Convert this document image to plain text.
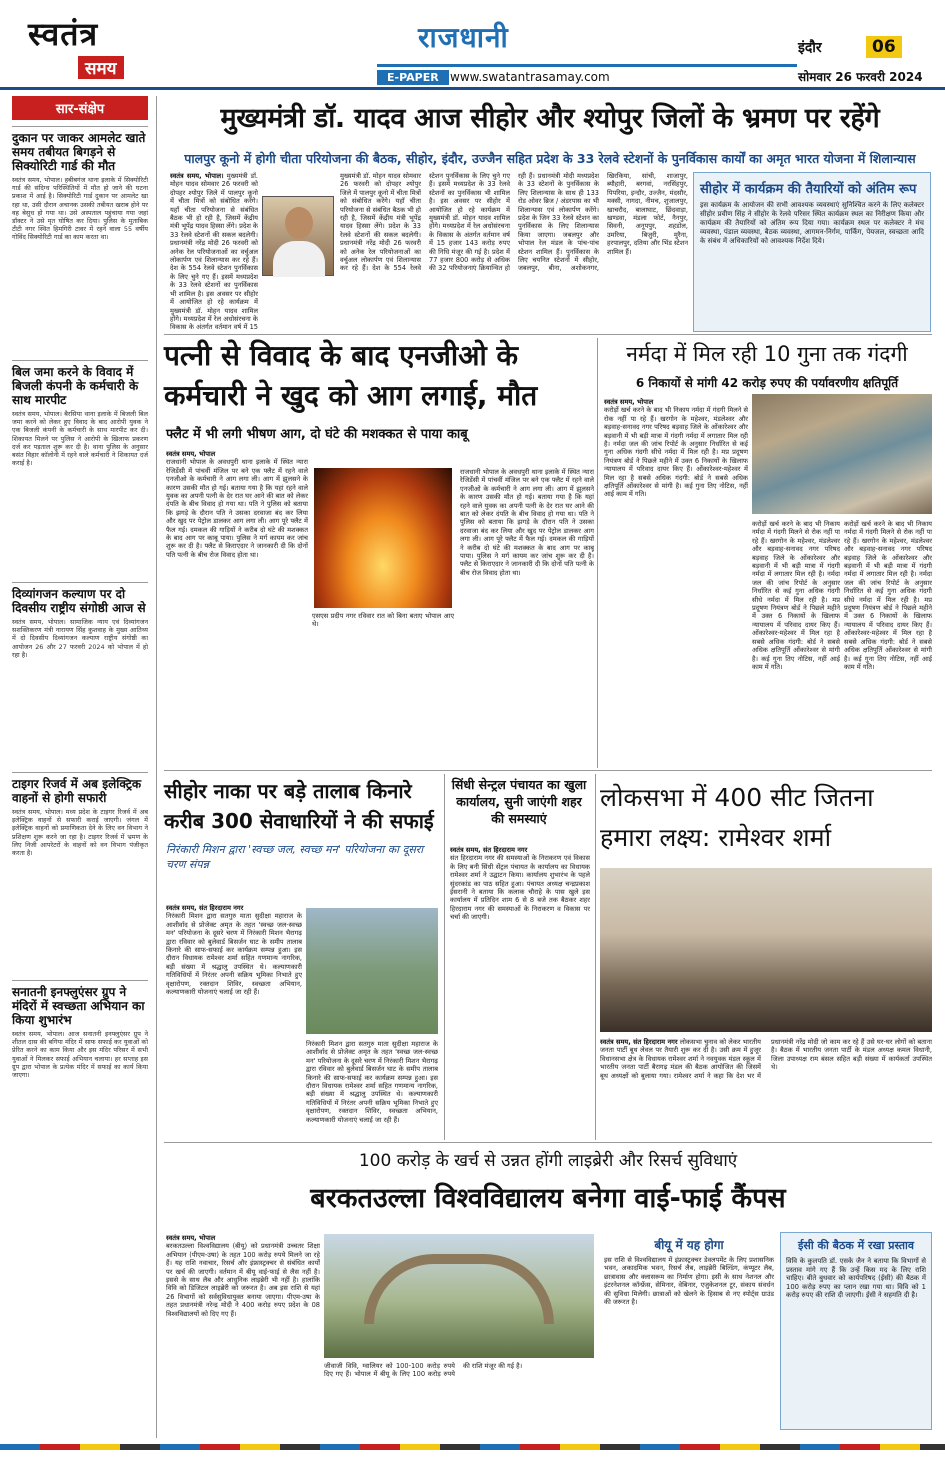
स्वतंत्र
समय
राजधानी
E-PAPER www.swatantrasamay.com
इंदौर	06
सोमवार 26 फरवरी 2024
सार-संक्षेप
दुकान पर जाकर आमलेट खाते समय तबीयत बिगड़ने से सिक्योरिटी गार्ड की मौत
स्वतंत्र समय, भोपाल। हबीबगंज थाना इलाके में सिक्योरिटी गार्ड की संदिग्ध परिस्थितियों में मौत हो जाने की घटना प्रकाश में आई है। सिक्योरिटी गार्ड दुकान पर आमलेट खा रहा था, उसी दौरान अचानक उसकी तबीयत खराब होने पर वह बेसुध हो गया था। उसे अस्पताल पहुंचाया गया जहां डॉक्टर ने उसे मृत घोषित कर दिया। पुलिस के मुताबिक टीटी नगर स्थित हिमगिरी टावर में रहने वाला 55 वर्षीय गोविंद सिक्योरिटी गार्ड का काम करता था।
बिल जमा करने के विवाद में बिजली कंपनी के कर्मचारी के साथ मारपीट
स्वतंत्र समय, भोपाल। बैरसिया थाना इलाके में बिजली बिल जमा करने को लेकर हुए विवाद के बाद आरोपी युवक ने एक बिजली कंपनी के कर्मचारी के साथ मारपीट कर दी। शिकायत मिलने पर पुलिस ने आरोपी के खिलाफ प्रकरण दर्ज कर पड़ताल शुरू कर दी है। थाना पुलिस के अनुसार बसंत विहार कॉलोनी में रहने वाले कर्मचारी ने शिकायत दर्ज कराई है।
दिव्यांगजन कल्याण पर दो दिवसीय राष्ट्रीय संगोष्ठी आज से
स्वतंत्र समय, भोपाल। सामाजिक न्याय एवं दिव्यांगजन सशक्तिकरण मंत्री नारायण सिंह कुशवाह के मुख्य आतिथ्य में दो दिवसीय दिव्यांगजन कल्याण राष्ट्रीय संगोष्ठी का आयोजन 26 और 27 फरवरी 2024 को भोपाल में हो रहा है।
टाइगर रिजर्व में अब इलेक्ट्रिक वाहनों से होगी सफारी
स्वतंत्र समय, भोपाल। मध्य प्रदेश के टाइगर रिजर्व में अब इलेक्ट्रिक वाहनों से सफारी कराई जाएगी। जंगल में इलेक्ट्रिक वाहनों को प्रमाणिकता देने के लिए वन विभाग ने प्रशिक्षण शुरू करने जा रहा है। टाइगर रिजर्व में भ्रमण के लिए निजी आपरेटरों के वाहनों को वन विभाग पंजीकृत करता है।
सनातनी इनफ्लुएंसर ग्रुप ने मंदिरों में स्वच्छता अभियान का किया शुभारंभ
स्वतंत्र समय, भोपाल। आज सनातनी इनफ्लुएंसर ग्रुप ने शीतल दास की बगिया मंदिर में साफ सफाई कर युवाओं को प्रेरित करने का काम किया और इस मंदिर परिसर में सभी युवाओं ने मिलकर सफाई अभियान चलाया। हर सप्ताह इस ग्रुप द्वारा भोपाल के प्रत्येक मंदिर में सफाई का कार्य किया जाएगा।
मुख्यमंत्री डॉ. यादव आज सीहोर और श्योपुर जिलों के भ्रमण पर रहेंगे
पालपुर कूनो में होगी चीता परियोजना की बैठक, सीहोर, इंदौर, उज्जैन सहित प्रदेश के 33 रेलवे स्टेशनों के पुनर्विकास कार्यों का अमृत भारत योजना में शिलान्यास
स्वतंत्र समय, भोपाल। मुख्यमंत्री डॉ. मोहन यादव सोमवार 26 फरवरी को दोपहर श्योपुर जिले में पालपुर कूनो में चीता मित्रों को संबोधित करेंगे। यहाँ चीता परियोजना से संबंधित बैठक भी हो रही है, जिसमें केंद्रीय मंत्री भूपेंद्र यादव हिस्सा लेंगे। प्रदेश के 33 रेलवे स्टेशनों की सकल बदलेगी। प्रधानमंत्री नरेंद्र मोदी 26 फरवरी को अनेक रेल परियोजनाओं का वर्चुअल लोकार्पण एवं शिलान्यास कर रहे हैं। देश के 554 रेलवे स्टेशन पुनर्विकास के लिए चुने गए हैं। इसमें मध्यप्रदेश के 33 रेलवे स्टेशनों का पुनर्विकास भी शामिल है। इस अवसर पर सीहोर में आयोजित हो रहे कार्यक्रम में मुख्यमंत्री डॉ. मोहन यादव शामिल होंगे। मध्यप्रदेश में रेल अधोसंरचना के विकास के अंतर्गत वर्तमान वर्ष में 15
मुख्यमंत्री डॉ. मोहन यादव सोमवार 26 फरवरी को दोपहर श्योपुर जिले में पालपुर कूनो में चीता मित्रों को संबोधित करेंगे। यहाँ चीता परियोजना से संबंधित बैठक भी हो रही है, जिसमें केंद्रीय मंत्री भूपेंद्र यादव हिस्सा लेंगे। प्रदेश के 33 रेलवे स्टेशनों की सकल बदलेगी। प्रधानमंत्री नरेंद्र मोदी 26 फरवरी को अनेक रेल परियोजनाओं का वर्चुअल लोकार्पण एवं शिलान्यास कर रहे हैं। देश के 554 रेलवे स्टेशन पुनर्विकास के लिए चुने गए हैं। इसमें मध्यप्रदेश के 33 रेलवे स्टेशनों का पुनर्विकास भी शामिल है। इस अवसर पर सीहोर में आयोजित हो रहे कार्यक्रम में मुख्यमंत्री डॉ. मोहन यादव शामिल होंगे। मध्यप्रदेश में रेल अधोसंरचना के विकास के अंतर्गत वर्तमान वर्ष में 15 हजार 143 करोड़ रुपए की निधि मंजूर की गई है। प्रदेश में 77 हजार 800 करोड़ से अधिक की 32 परियोजनाएं क्रियान्वित हो रही हैं। प्रधानमंत्री मोदी मध्यप्रदेश के 33 स्टेशनों के पुनर्विकास के लिए शिलान्यास के साथ ही 133 रोड ओवर ब्रिज / अंडरपास का भी शिलान्यास एवं लोकार्पण करेंगे। प्रदेश के जिन 33 रेलवे स्टेशन का पुनर्विकास के लिए शिलान्यास किया जाएगा। जबलपुर और भोपाल रेल मंडल के पांच-पांच स्टेशन शामिल हैं। पुनर्विकास के लिए चयनित स्टेशनों में सीहोर, जबलपुर, बीना, अशोकनगर, खिरकिया, सांची, शाजापुर, ब्यौहारी, बरगवां, नरसिंहपुर, पिपरिया, इन्दौर, उज्जैन, मंदसौर, मक्सी, नागदा, नीमच, शुजालपुर, खाचरौद, बालाघाट, छिंदवाड़ा, खण्डवा, मंडला फोर्ट, नैनपुर, सिवनी, अनूपपुर, शहडोल, उमरिया, बिजुरी, मुरैना, हरपालपुर, दतिया और भिंड स्टेशन शामिल हैं।
सीहोर में कार्यक्रम की तैयारियों को अंतिम रूप
इस कार्यक्रम के आयोजन की सभी आवश्यक व्यवस्थाएं सुनिश्चित करने के लिए कलेक्टर सीहोर प्रवीण सिंह ने सीहोर के रेलवे परिसर स्थित कार्यक्रम स्थल का निरीक्षण किया और कार्यक्रम की तैयारियों को अंतिम रूप दिया गया। कार्यक्रम स्थल पर कलेक्टर ने मंच व्यवस्था, पंडाल व्यवस्था, बैठक व्यवस्था, आगमन-निर्गम, पार्किंग, पेयजल, स्वच्छता आदि के संबंध में अधिकारियों को आवश्यक निर्देश दिये।
पत्नी से विवाद के बाद एनजीओ के कर्मचारी ने खुद को आग लगाई, मौत
फ्लैट में भी लगी भीषण आग, दो घंटे की मशक्कत से पाया काबू
स्वतंत्र समय, भोपाल
राजधानी भोपाल के अवधपुरी थाना इलाके में स्थित न्यारा रेजिडेंसी में पांचवीं मंजिल पर बने एक फ्लैट में रहने वाले एनजीओ के कर्मचारी ने आग लगा ली। आग में झुलसने के कारण उसकी मौत हो गई। बताया गया है कि यहां रहने वाले युवक का अपनी पत्नी के देर रात घर आने की बात को लेकर दंपति के बीच विवाद हो गया था। पति ने पुलिस को बताया कि झगड़े के दौरान पति ने उसका दरवाजा बंद कर लिया और खुद पर पेट्रोल डालकर आग लगा ली। आग पूरे फ्लैट में फैल गई। दमकल की गाड़ियों ने करीब दो घंटे की मशक्कत के बाद आग पर काबू पाया। पुलिस ने मर्ग कायम कर जांच शुरू कर दी है। फ्लैट से किराएदार ने जानकारी दी कि दोनों पति पत्नी के बीच रोज विवाद होता था।
एसएस प्रदीप नगर रविवार रात को बिना बताए भोपाल आए थे।
राजधानी भोपाल के अवधपुरी थाना इलाके में स्थित न्यारा रेजिडेंसी में पांचवीं मंजिल पर बने एक फ्लैट में रहने वाले एनजीओ के कर्मचारी ने आग लगा ली। आग में झुलसने के कारण उसकी मौत हो गई। बताया गया है कि यहां रहने वाले युवक का अपनी पत्नी के देर रात घर आने की बात को लेकर दंपति के बीच विवाद हो गया था। पति ने पुलिस को बताया कि झगड़े के दौरान पति ने उसका दरवाजा बंद कर लिया और खुद पर पेट्रोल डालकर आग लगा ली। आग पूरे फ्लैट में फैल गई। दमकल की गाड़ियों ने करीब दो घंटे की मशक्कत के बाद आग पर काबू पाया। पुलिस ने मर्ग कायम कर जांच शुरू कर दी है। फ्लैट से किराएदार ने जानकारी दी कि दोनों पति पत्नी के बीच रोज विवाद होता था।
नर्मदा में मिल रही 10 गुना तक गंदगी
6 निकायों से मांगी 42 करोड़ रुपए की पर्यावरणीय क्षतिपूर्ति
स्वतंत्र समय, भोपाल
करोड़ों खर्च करने के बाद भी निकाय नर्मदा में गंदगी मिलने से रोक नहीं पा रहे हैं। खरगोन के महेश्वर, मंडलेश्वर और बड़वाह-सनावद नगर परिषद बड़वाह जिले के ओंकारेश्वर और बड़वानी में भी बड़ी मात्रा में गंदगी नर्मदा में लगातार मिल रही है। नर्मदा जल की जांच रिपोर्ट के अनुसार निर्धारित से कई गुना अधिक गंदगी सीधे नर्मदा में मिल रही है। मप्र प्रदूषण नियंत्रण बोर्ड ने पिछले महीने में उक्त 6 निकायों के खिलाफ न्यायालय में परिवाद दायर किए हैं। ओंकारेश्वर-महेश्वर में मिल रहा है सबसे अधिक गंदगी: बोर्ड ने सबसे अधिक क्षतिपूर्ति ओंकारेश्वर से मांगी है। कई गुना तिए नोटिस, नहीं आई काम में गति।
करोड़ों खर्च करने के बाद भी निकाय नर्मदा में गंदगी मिलने से रोक नहीं पा रहे हैं। खरगोन के महेश्वर, मंडलेश्वर और बड़वाह-सनावद नगर परिषद बड़वाह जिले के ओंकारेश्वर और बड़वानी में भी बड़ी मात्रा में गंदगी नर्मदा में लगातार मिल रही है। नर्मदा जल की जांच रिपोर्ट के अनुसार निर्धारित से कई गुना अधिक गंदगी सीधे नर्मदा में मिल रही है। मप्र प्रदूषण नियंत्रण बोर्ड ने पिछले महीने में उक्त 6 निकायों के खिलाफ न्यायालय में परिवाद दायर किए हैं। ओंकारेश्वर-महेश्वर में मिल रहा है सबसे अधिक गंदगी: बोर्ड ने सबसे अधिक क्षतिपूर्ति ओंकारेश्वर से मांगी है। कई गुना तिए नोटिस, नहीं आई काम में गति।
करोड़ों खर्च करने के बाद भी निकाय नर्मदा में गंदगी मिलने से रोक नहीं पा रहे हैं। खरगोन के महेश्वर, मंडलेश्वर और बड़वाह-सनावद नगर परिषद बड़वाह जिले के ओंकारेश्वर और बड़वानी में भी बड़ी मात्रा में गंदगी नर्मदा में लगातार मिल रही है। नर्मदा जल की जांच रिपोर्ट के अनुसार निर्धारित से कई गुना अधिक गंदगी सीधे नर्मदा में मिल रही है। मप्र प्रदूषण नियंत्रण बोर्ड ने पिछले महीने में उक्त 6 निकायों के खिलाफ न्यायालय में परिवाद दायर किए हैं। ओंकारेश्वर-महेश्वर में मिल रहा है सबसे अधिक गंदगी: बोर्ड ने सबसे अधिक क्षतिपूर्ति ओंकारेश्वर से मांगी है। कई गुना तिए नोटिस, नहीं आई काम में गति।
सीहोर नाका पर बड़े तालाब किनारे करीब 300 सेवाधारियों ने की सफाई
निरंकारी मिशन द्वारा 'स्वच्छ जल, स्वच्छ मन' परियोजना का दूसरा चरण संपन्न
स्वतंत्र समय, संत हिरदाराम नगर
निरंकारी मिशन द्वारा सतगुरु माता सुदीक्षा महाराज के आशीर्वाद से प्रोजेक्ट अमृत के तहत 'स्वच्छ जल-स्वच्छ मन' परियोजना के दूसरे चरण में निरंकारी मिशन भैरागढ़ द्वारा रविवार को बुलेवार्ड बिसर्जन घाट के समीप तालाब किनारे की साफ-सफाई कर कार्यक्रम सम्पन्न हुआ। इस दौरान विधायक रामेश्वर शर्मा सहित गणमान्य नागरिक, बड़ी संख्या में श्रद्धालु उपस्थित थे। कल्याणकारी गतिविधियों में निरंतर अपनी सक्रिय भूमिका निभाते हुए वृक्षारोपण, रक्तदान शिविर, स्वच्छता अभियान, कल्याणकारी योजनाएं चलाई जा रही हैं।
निरंकारी मिशन द्वारा सतगुरु माता सुदीक्षा महाराज के आशीर्वाद से प्रोजेक्ट अमृत के तहत 'स्वच्छ जल-स्वच्छ मन' परियोजना के दूसरे चरण में निरंकारी मिशन भैरागढ़ द्वारा रविवार को बुलेवार्ड बिसर्जन घाट के समीप तालाब किनारे की साफ-सफाई कर कार्यक्रम सम्पन्न हुआ। इस दौरान विधायक रामेश्वर शर्मा सहित गणमान्य नागरिक, बड़ी संख्या में श्रद्धालु उपस्थित थे। कल्याणकारी गतिविधियों में निरंतर अपनी सक्रिय भूमिका निभाते हुए वृक्षारोपण, रक्तदान शिविर, स्वच्छता अभियान, कल्याणकारी योजनाएं चलाई जा रही हैं।
सिंधी सेन्ट्रल पंचायत का खुला कार्यालय, सुनी जाएंगी शहर की समस्याएं
स्वतंत्र समय, संत हिरदाराम नगर
संत हिरदाराम नगर की समस्याओं के निराकरण एवं विकास के लिए बनी सिंधी सेंट्रल पंचायत के कार्यालय का विधायक रामेश्वर शर्मा ने उद्घाटन किया। कार्यालय शुभारंभ के पहले सुंदरकांड का पाठ सहित हुआ। पंचायत अध्यक्ष चन्द्रप्रकाश ईसरानी ने बताया कि कलाक चौराहे के पास खुले इस कार्यालय में प्रतिदिन शाम 6 से 8 बजे तक बैठकर शहर हिरदाराम नगर की समस्याओं के निराकरण व विकास पर चर्चा की जाएगी।
लोकसभा में 400 सीट जितना हमारा लक्ष्य: रामेश्वर शर्मा
स्वतंत्र समय, संत हिरदाराम नगर लोकसभा चुनाव को लेकर भारतीय जनता पार्टी बूथ लेवल पर तैयारी शुरू कर दी है। उसी क्रम में हुजूर विधानसभा क्षेत्र के विधायक रामेश्वर शर्मा ने नवयुवक मंडल स्कूल में भारतीय जनता पार्टी बैरागढ़ मंडल की बैठक आयोजित की जिसमें बूथ अध्यक्षों को बुलाया गया। रामेश्वर शर्मा ने कहा कि देश भर में प्रधानमंत्री नरेंद्र मोदी जो काम कर रहे हैं उसे घर-घर लोगों को बताना है। बैठक में भारतीय जनता पार्टी के मंडल अध्यक्ष कमल विधानी, जिला उपाध्यक्ष राम बंसल सहित बड़ी संख्या में कार्यकर्ता उपस्थित थे।
100 करोड़ के खर्च से उन्नत होंगी लाइब्रेरी और रिसर्च सुविधाएं
बरकतउल्ला विश्वविद्यालय बनेगा वाई-फाई कैंपस
स्वतंत्र समय, भोपाल
बरकतउल्ला विश्वविद्यालय (बीयू) को प्रधानमंत्री उच्चतर शिक्षा अभियान (पीएम-उषा) के तहत 100 करोड़ रुपये मिलने जा रहे हैं। यह राशि नवाचार, रिसर्च और इंफ्रास्ट्रक्चर से संबंधित कार्यों पर खर्च की जाएगी। वर्तमान में बीयू वाई-फाई से लैस नहीं है। इससे के साथ लैब और आधुनिक लाइब्रेरी भी नहीं है। हालांकि विवि को डिजिटल लाइब्रेरी को जरूरत है। अब इस राशि से यहां 26 विभागों को सर्वसुविधायुक्त बनाया जाएगा। पीएम-उषा के तहत प्रधानमंत्री नरेन्द्र मोदी ने 400 करोड़ रुपए प्रदेश के 08 विश्वविद्यालयों को दिए गए हैं।
जीवाजी विवि, ग्वालियर को 100-100 करोड़ रुपये दिए गए हैं। भोपाल में बीयू के लिए 100 करोड़ रुपये की राशि मंजूर की गई है।
बीयू में यह होगा
इस राशि से विश्वविद्यालय में इंफ्रास्ट्रक्चर डेवलपमेंट के लिए प्रशासनिक भवन, अकादमिक भवन, रिसर्च लैब, लाइब्रेरी बिल्डिंग, कंप्यूटर लैब, छात्रावास और क्लासरूम का निर्माण होगा। इसी के साथ नेशनल और इंटरनेशनल कॉन्फ्रेंस, सेमिनार, वेबिनार, एजुकेशनल टूर, संकाय संवर्धन की सुविधा मिलेगी। छात्राओं को खेलने के हिसाब से नए स्पोर्ट्स ग्राउंड की जरूरत है।
ईसी की बैठक में रखा प्रस्ताव
विवि के कुलपति डॉ. एसके जैन ने बताया कि विभागों से प्रस्ताव मांगे गए हैं कि उन्हें किस मद के लिए राशि चाहिए। बीते बुधवार को कार्यपरिषद (ईसी) की बैठक में 100 करोड़ रुपए का प्लान रखा गया था। विवि को 1 करोड़ रुपए की राशि दी जाएगी। ईसी ने सहमति दी है।
